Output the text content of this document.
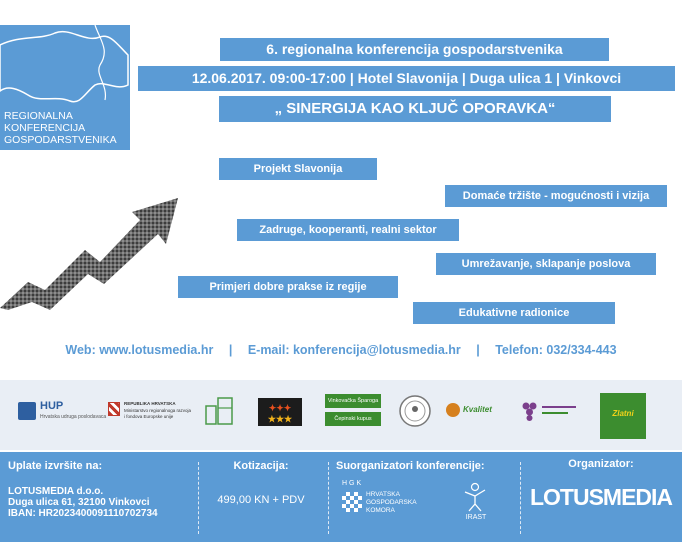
REGIONALNA
KONFERENCIJA
GOSPODARSTVENIKA
6. regionalna konferencija gospodarstvenika
12.06.2017. 09:00-17:00 | Hotel Slavonija | Duga ulica 1 | Vinkovci
„ SINERGIJA KAO KLJUČ OPORAVKA“
Projekt Slavonija
Domaće tržište - mogućnosti i vizija
Zadruge, kooperanti, realni sektor
Umrežavanje, sklapanje poslova
Primjeri dobre prakse iz regije
Edukativne radionice
Web: www.lotusmedia.hr | E-mail: konferencija@lotusmedia.hr | Telefon: 032/334-443
HUP
Hrvatska udruga poslodavaca
REPUBLIKA HRVATSKA
Ministarstvo regionalnoga razvoja i fondova Europske unije
✦✦✦
★★★
Vinkovačka Šparoga
Čepinski kupus
Kvalitet	Zlatni
Uplate izvršite na:
LOTUSMEDIA d.o.o.
Duga ulica 61, 32100 Vinkovci
IBAN: HR2023400091110702734
Kotizacija:
499,00 KN + PDV
Suorganizatori konferencije:
HGK
HRVATSKA
GOSPODARSKA
KOMORA
IRAST
Organizator:
LOTUSMEDIA
